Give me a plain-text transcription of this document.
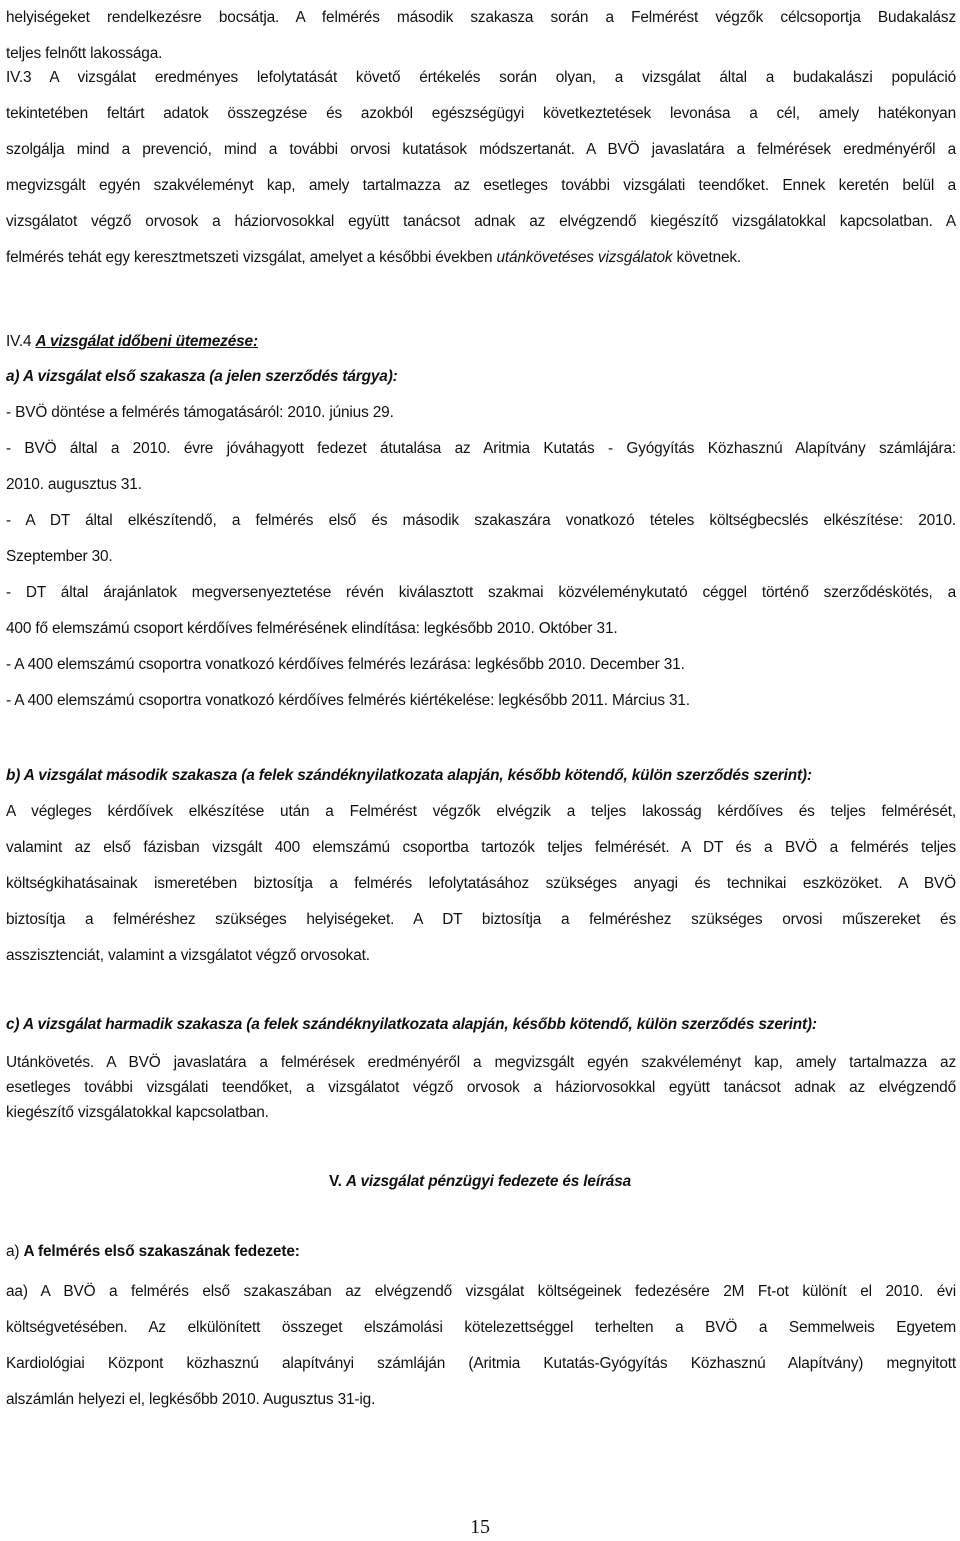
helyiségeket rendelkezésre bocsátja. A felmérés második szakasza során a Felmérést végzők célcsoportja Budakalász
teljes felnőtt lakossága.
IV.3 A vizsgálat eredményes lefolytatását követő értékelés során olyan, a vizsgálat által a budakalászi populáció
tekintetében feltárt adatok összegzése és azokból egészségügyi következtetések levonása a cél, amely hatékonyan
szolgálja mind a prevenció, mind a további orvosi kutatások módszertanát. A BVÖ javaslatára a felmérések eredményéről a
megvizsgált egyén szakvéleményt kap, amely tartalmazza az esetleges további vizsgálati teendőket. Ennek keretén belül a
vizsgálatot végző orvosok a háziorvosokkal együtt tanácsot adnak az elvégzendő kiegészítő vizsgálatokkal kapcsolatban. A
felmérés tehát egy keresztmetszeti vizsgálat, amelyet a későbbi években utánkövetéses vizsgálatok követnek.
IV.4 A vizsgálat időbeni ütemezése:
a) A vizsgálat első szakasza (a jelen szerződés tárgya):
- BVÖ döntése a felmérés támogatásáról: 2010. június 29.
- BVÖ által a 2010. évre jóváhagyott fedezet átutalása az Aritmia Kutatás - Gyógyítás Közhasznú Alapítvány számlájára:
2010. augusztus 31.
- A DT által elkészítendő, a felmérés első és második szakaszára vonatkozó tételes költségbecslés elkészítése: 2010.
Szeptember 30.
- DT által árajánlatok megversenyeztetése révén kiválasztott szakmai közvéleménykutató céggel történő szerződéskötés, a
400 fő elemszámú csoport kérdőíves felmérésének elindítása: legkésőbb 2010. Október 31.
- A 400 elemszámú csoportra vonatkozó kérdőíves felmérés lezárása: legkésőbb 2010. December 31.
- A 400 elemszámú csoportra vonatkozó kérdőíves felmérés kiértékelése: legkésőbb 2011. Március 31.
b) A vizsgálat második szakasza (a felek szándéknyilatkozata alapján, később kötendő, külön szerződés szerint):
A végleges kérdőívek elkészítése után a Felmérést végzők elvégzik a teljes lakosság kérdőíves és teljes felmérését,
valamint az első fázisban vizsgált 400 elemszámú csoportba tartozók teljes felmérését. A DT és a BVÖ a felmérés teljes
költségkihatásainak ismeretében biztosítja a felmérés lefolytatásához szükséges anyagi és technikai eszközöket. A BVÖ
biztosítja a felméréshez szükséges helyiségeket. A DT biztosítja a felméréshez szükséges orvosi műszereket és
asszisztenciát, valamint a vizsgálatot végző orvosokat.
c) A vizsgálat harmadik szakasza (a felek szándéknyilatkozata alapján, később kötendő, külön szerződés szerint):
Utánkövetés. A BVÖ javaslatára a felmérések eredményéről a megvizsgált egyén szakvéleményt kap, amely tartalmazza az
esetleges további vizsgálati teendőket, a vizsgálatot végző orvosok a háziorvosokkal együtt tanácsot adnak az elvégzendő
kiegészítő vizsgálatokkal kapcsolatban.
V. A vizsgálat pénzügyi fedezete és leírása
a) A felmérés első szakaszának fedezete:
aa) A BVÖ a felmérés első szakaszában az elvégzendő vizsgálat költségeinek fedezésére 2M Ft-ot különít el 2010. évi
költségvetésében. Az elkülönített összeget elszámolási kötelezettséggel terhelten a BVÖ a Semmelweis Egyetem
Kardiológiai Központ közhasznú alapítványi számláján (Aritmia Kutatás-Gyógyítás Közhasznú Alapítvány) megnyitott
alszámlán helyezi el, legkésőbb 2010. Augusztus 31-ig.
15
